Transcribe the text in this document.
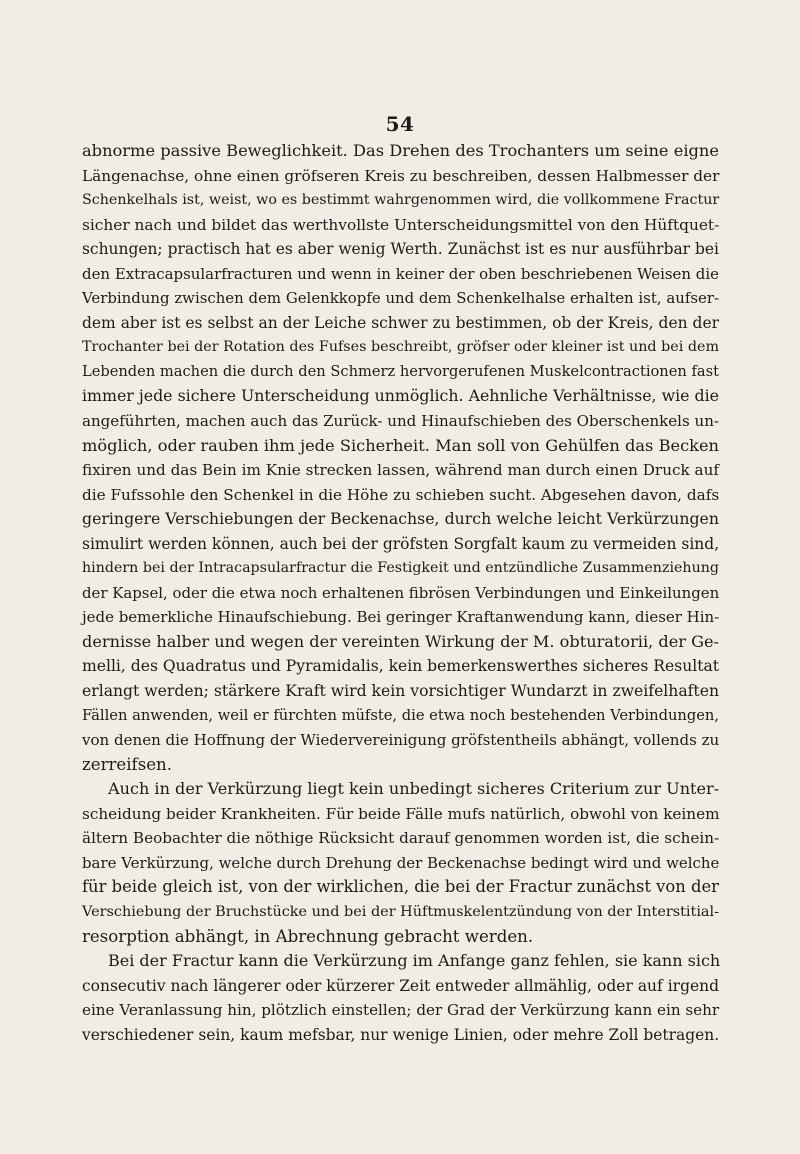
54
abnorme passive Beweglichkeit. Das Drehen des Trochanters um seine eigne
Längenachse, ohne einen gröfseren Kreis zu beschreiben, dessen Halbmesser der
Schenkelhals ist, weist, wo es bestimmt wahrgenommen wird, die vollkommene Fractur
sicher nach und bildet das werthvollste Unterscheidungsmittel von den Hüftquet-
schungen; practisch hat es aber wenig Werth. Zunächst ist es nur ausführbar bei
den Extracapsularfracturen und wenn in keiner der oben beschriebenen Weisen die
Verbindung zwischen dem Gelenkkopfe und dem Schenkelhalse erhalten ist, aufser-
dem aber ist es selbst an der Leiche schwer zu bestimmen, ob der Kreis, den der
Trochanter bei der Rotation des Fufses beschreibt, gröfser oder kleiner ist und bei dem
Lebenden machen die durch den Schmerz hervorgerufenen Muskelcontractionen fast
immer jede sichere Unterscheidung unmöglich. Aehnliche Verhältnisse, wie die
angeführten, machen auch das Zurück- und Hinaufschieben des Oberschenkels un-
möglich, oder rauben ihm jede Sicherheit. Man soll von Gehülfen das Becken
fixiren und das Bein im Knie strecken lassen, während man durch einen Druck auf
die Fufssohle den Schenkel in die Höhe zu schieben sucht. Abgesehen davon, dafs
geringere Verschiebungen der Beckenachse, durch welche leicht Verkürzungen
simulirt werden können, auch bei der gröfsten Sorgfalt kaum zu vermeiden sind,
hindern bei der Intracapsularfractur die Festigkeit und entzündliche Zusammenziehung
der Kapsel, oder die etwa noch erhaltenen fibrösen Verbindungen und Einkeilungen
jede bemerkliche Hinaufschiebung. Bei geringer Kraftanwendung kann, dieser Hin-
dernisse halber und wegen der vereinten Wirkung der M. obturatorii, der Ge-
melli, des Quadratus und Pyramidalis, kein bemerkenswerthes sicheres Resultat
erlangt werden; stärkere Kraft wird kein vorsichtiger Wundarzt in zweifelhaften
Fällen anwenden, weil er fürchten müfste, die etwa noch bestehenden Verbindungen,
von denen die Hoffnung der Wiedervereinigung gröfstentheils abhängt, vollends zu
zerreifsen.
Auch in der Verkürzung liegt kein unbedingt sicheres Criterium zur Unter-
scheidung beider Krankheiten. Für beide Fälle mufs natürlich, obwohl von keinem
ältern Beobachter die nöthige Rücksicht darauf genommen worden ist, die schein-
bare Verkürzung, welche durch Drehung der Beckenachse bedingt wird und welche
für beide gleich ist, von der wirklichen, die bei der Fractur zunächst von der
Verschiebung der Bruchstücke und bei der Hüftmuskelentzündung von der Interstitial-
resorption abhängt, in Abrechnung gebracht werden.
Bei der Fractur kann die Verkürzung im Anfange ganz fehlen, sie kann sich
consecutiv nach längerer oder kürzerer Zeit entweder allmählig, oder auf irgend
eine Veranlassung hin, plötzlich einstellen; der Grad der Verkürzung kann ein sehr
verschiedener sein, kaum mefsbar, nur wenige Linien, oder mehre Zoll betragen.
